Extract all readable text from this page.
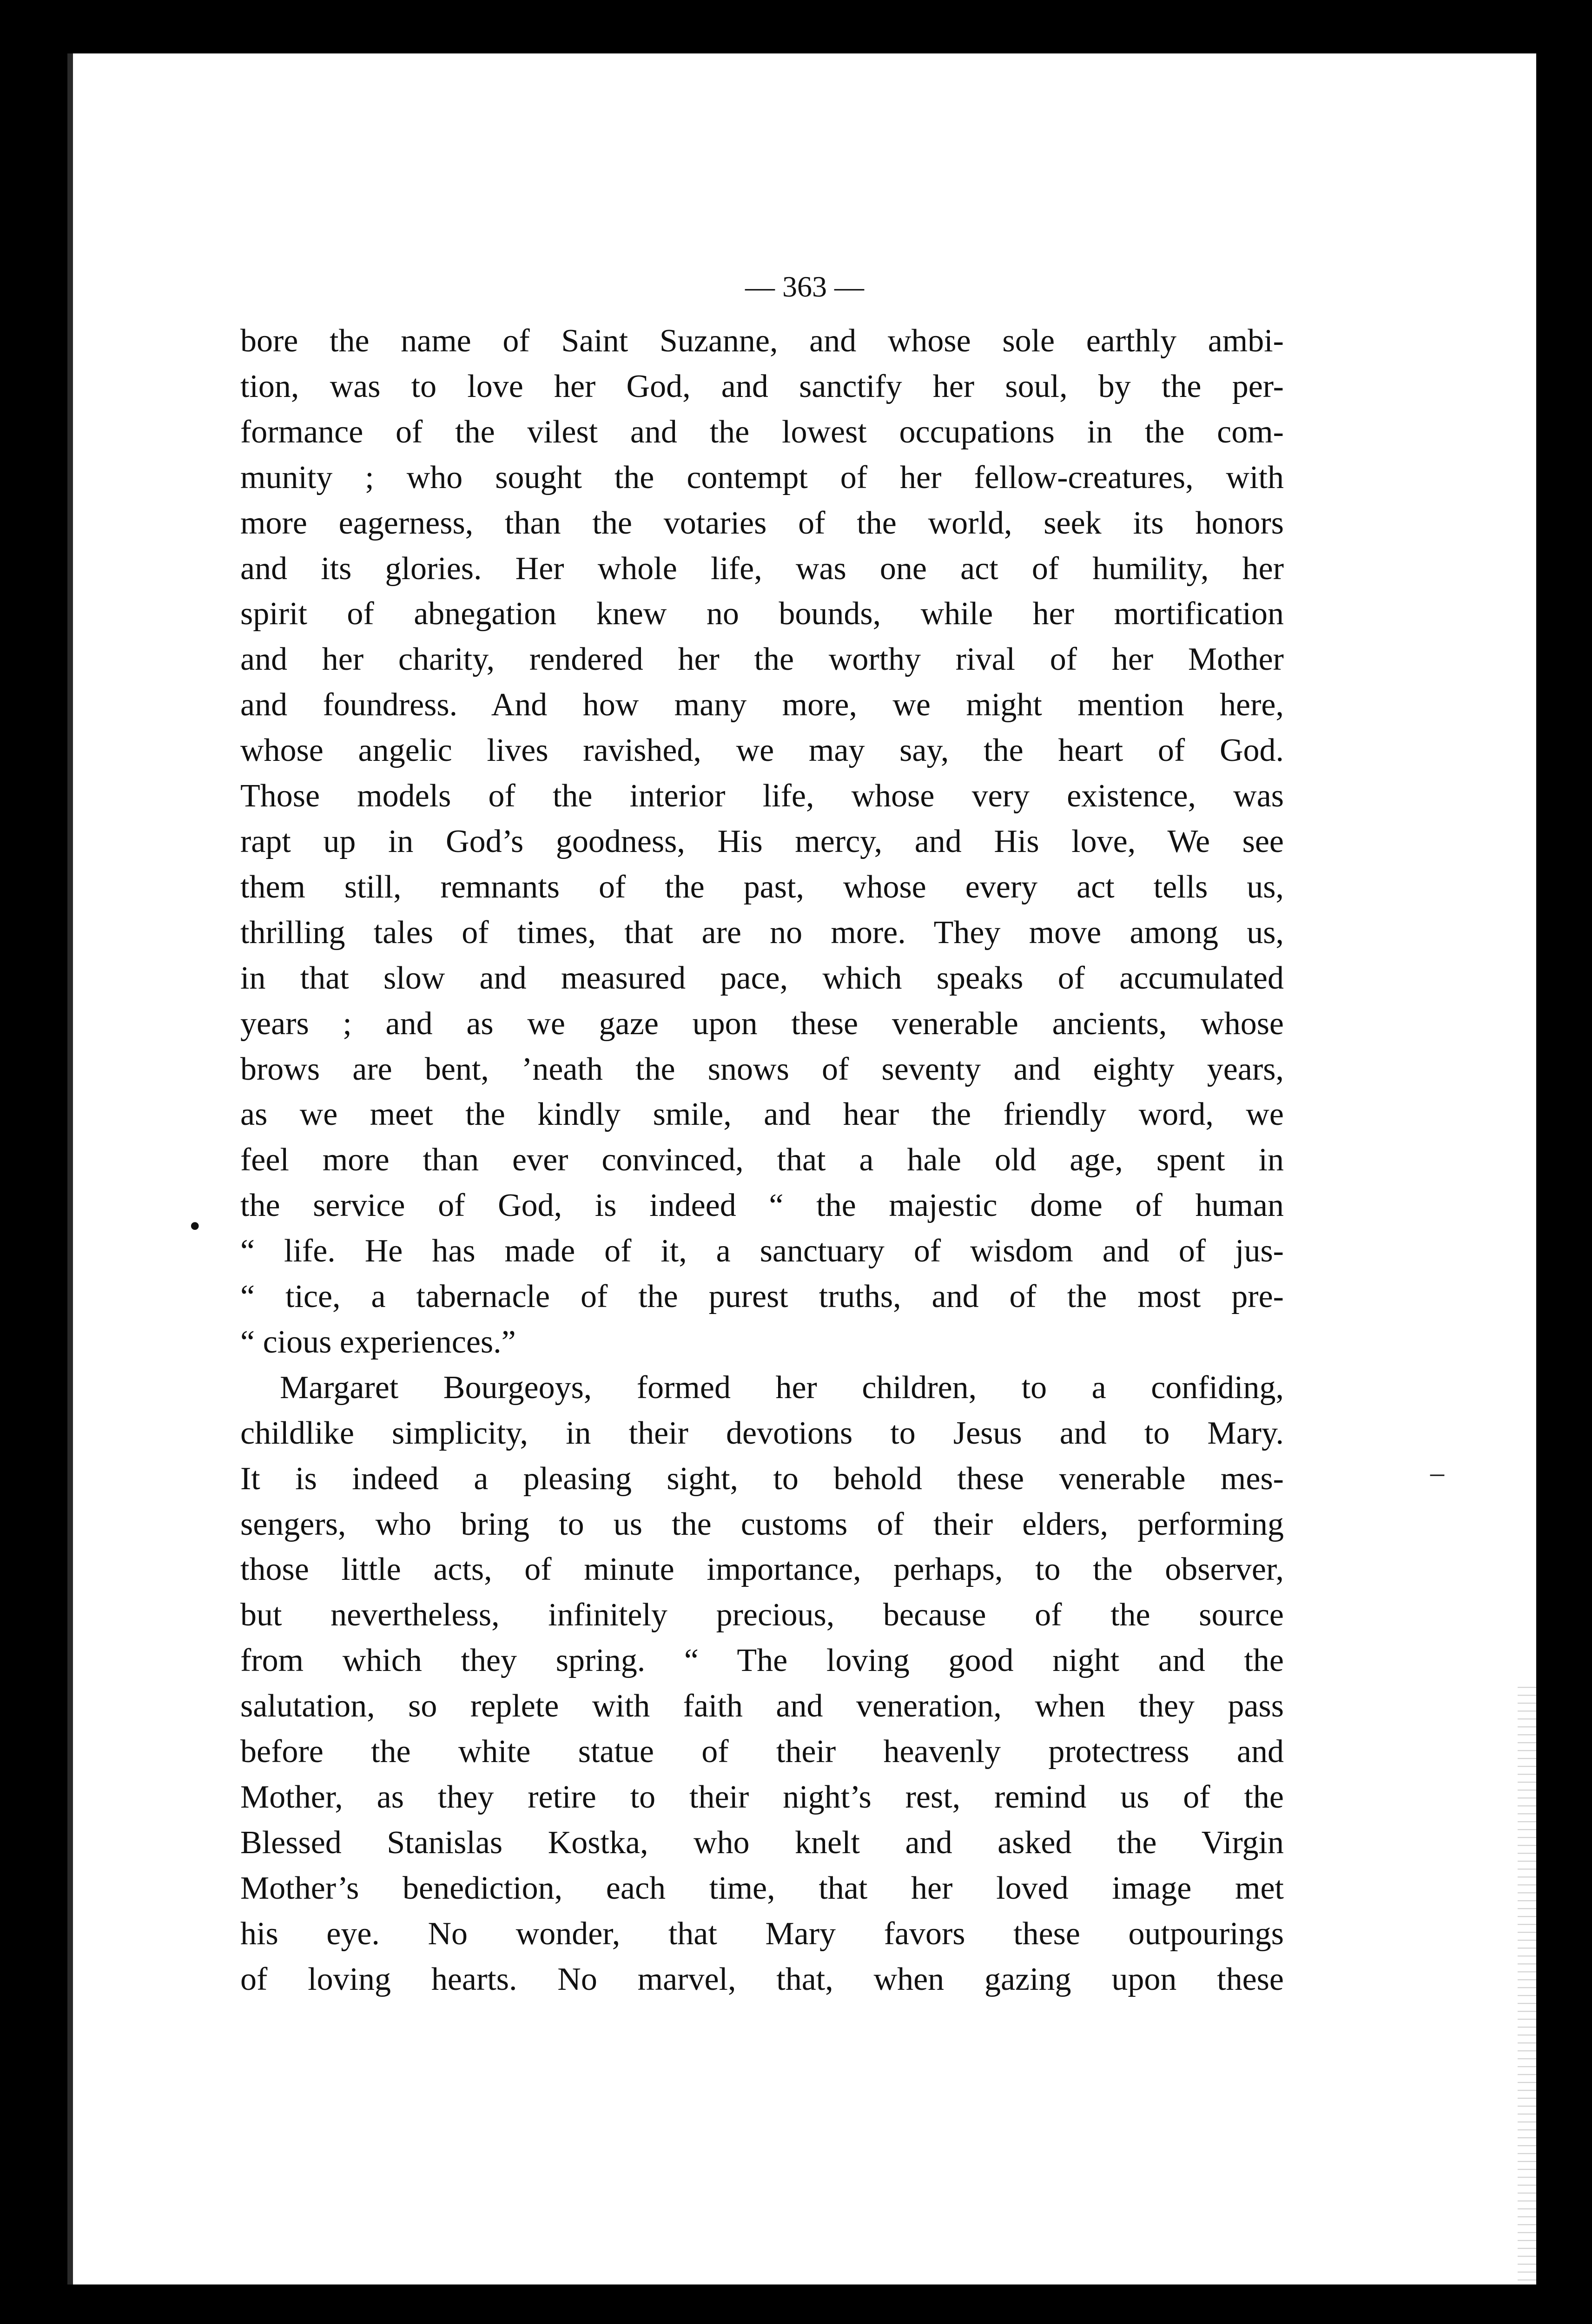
— 363 —
•
–

bore the name of Saint Suzanne, and whose sole earthly ambi-
tion, was to love her God, and sanctify her soul, by the per-
formance of the vilest and the lowest occupations in the com-
munity ; who sought the contempt of her fellow-creatures, with
more eagerness, than the votaries of the world, seek its honors
and its glories. Her whole life, was one act of humility, her
spirit of abnegation knew no bounds, while her mortification
and her charity, rendered her the worthy rival of her Mother
and foundress. And how many more, we might mention here,
whose angelic lives ravished, we may say, the heart of God.
Those models of the interior life, whose very existence, was
rapt up in God’s goodness, His mercy, and His love, We see
them still, remnants of the past, whose every act tells us,
thrilling tales of times, that are no more. They move among us,
in that slow and measured pace, which speaks of accumulated
years ; and as we gaze upon these venerable ancients, whose
brows are bent, ’neath the snows of seventy and eighty years,
as we meet the kindly smile, and hear the friendly word, we
feel more than ever convinced, that a hale old age, spent in
the service of God, is indeed “ the majestic dome of human
“ life. He has made of it, a sanctuary of wisdom and of jus-
“ tice, a tabernacle of the purest truths, and of the most pre-
“ cious experiences.”

Margaret Bourgeoys, formed her children, to a confiding,
childlike simplicity, in their devotions to Jesus and to Mary.
It is indeed a pleasing sight, to behold these venerable mes-
sengers, who bring to us the customs of their elders, performing
those little acts, of minute importance, perhaps, to the observer,
but nevertheless, infinitely precious, because of the source
from which they spring. “ The loving good night and the
salutation, so replete with faith and veneration, when they pass
before the white statue of their heavenly protectress and
Mother, as they retire to their night’s rest, remind us of the
Blessed Stanislas Kostka, who knelt and asked the Virgin
Mother’s benediction, each time, that her loved image met
his eye. No wonder, that Mary favors these outpourings
of loving hearts. No marvel, that, when gazing upon these
